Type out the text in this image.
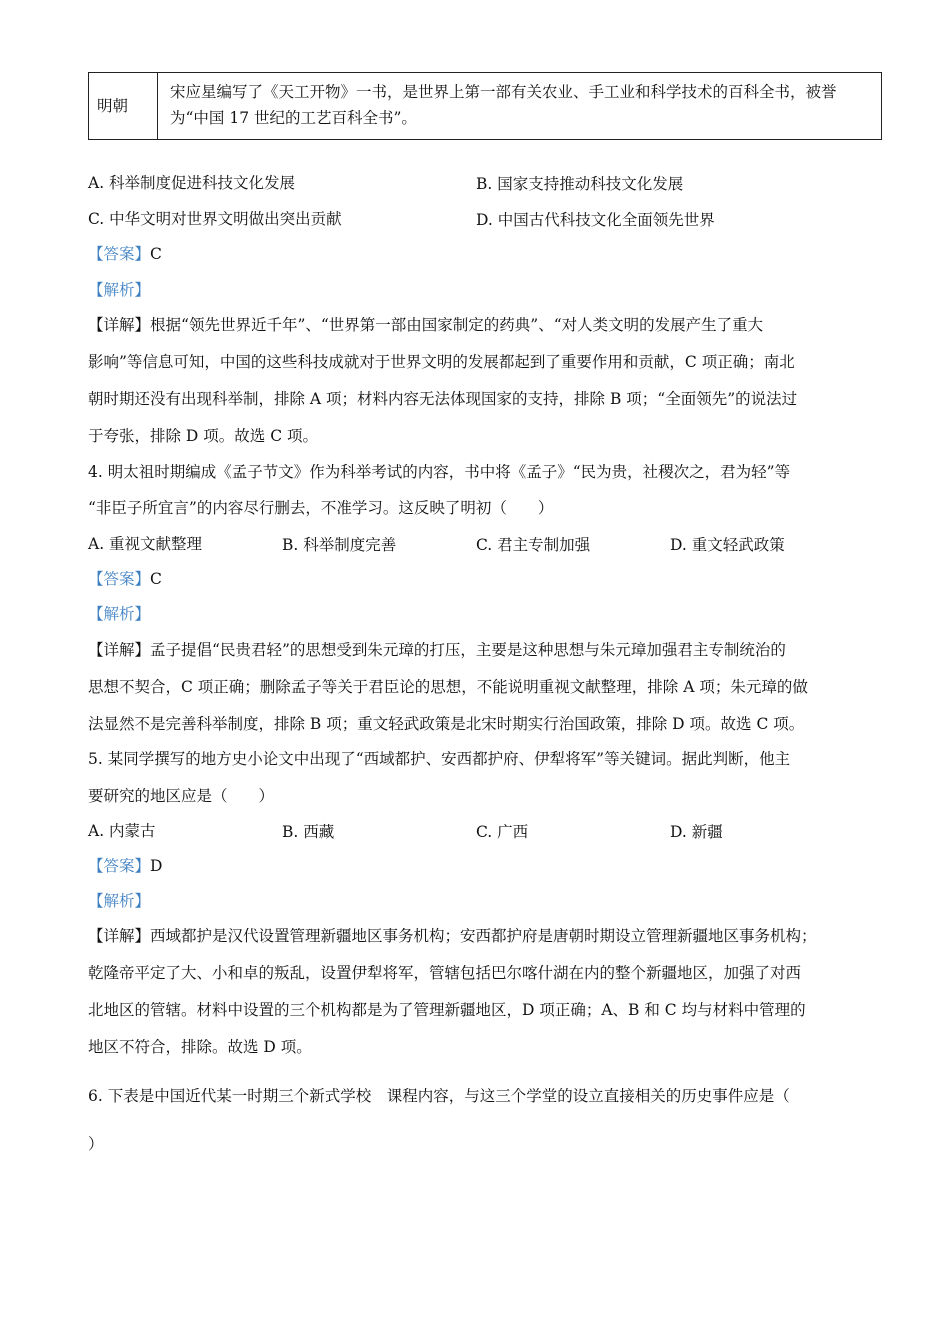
明朝	宋应星编写了《天工开物》一书，是世界上第一部有关农业、手工业和科学技术的百科全书，被誉为“中国 17 世纪的工艺百科全书”。
A. 科举制度促进科技文化发展	B. 国家支持推动科技文化发展
C. 中华文明对世界文明做出突出贡献	D. 中国古代科技文化全面领先世界
【答案】C
【解析】
【详解】根据“领先世界近千年”、“世界第一部由国家制定的药典”、“对人类文明的发展产生了重大
影响”等信息可知，中国的这些科技成就对于世界文明的发展都起到了重要作用和贡献，C 项正确；南北
朝时期还没有出现科举制，排除 A 项；材料内容无法体现国家的支持，排除 B 项；“全面领先”的说法过
于夸张，排除 D 项。故选 C 项。
4. 明太祖时期编成《孟子节文》作为科举考试的内容，书中将《孟子》“民为贵，社稷次之，君为轻”等
“非臣子所宜言”的内容尽行删去，不准学习。这反映了明初（　　）
A. 重视文献整理	B. 科举制度完善	C. 君主专制加强	D. 重文轻武政策
【答案】C
【解析】
【详解】孟子提倡“民贵君轻”的思想受到朱元璋的打压，主要是这种思想与朱元璋加强君主专制统治的
思想不契合，C 项正确；删除孟子等关于君臣论的思想，不能说明重视文献整理，排除 A 项；朱元璋的做
法显然不是完善科举制度，排除 B 项；重文轻武政策是北宋时期实行治国政策，排除 D 项。故选 C 项。
5. 某同学撰写的地方史小论文中出现了“西域都护、安西都护府、伊犁将军”等关键词。据此判断，他主
要研究的地区应是（　　）
A. 内蒙古	B. 西藏	C. 广西	D. 新疆
【答案】D
【解析】
【详解】西域都护是汉代设置管理新疆地区事务机构；安西都护府是唐朝时期设立管理新疆地区事务机构；
乾隆帝平定了大、小和卓的叛乱，设置伊犁将军，管辖包括巴尔喀什湖在内的整个新疆地区，加强了对西
北地区的管辖。材料中设置的三个机构都是为了管理新疆地区，D 项正确；A、B 和 C 均与材料中管理的
地区不符合，排除。故选 D 项。
6. 下表是中国近代某一时期三个新式学校　课程内容，与这三个学堂的设立直接相关的历史事件应是（
）
